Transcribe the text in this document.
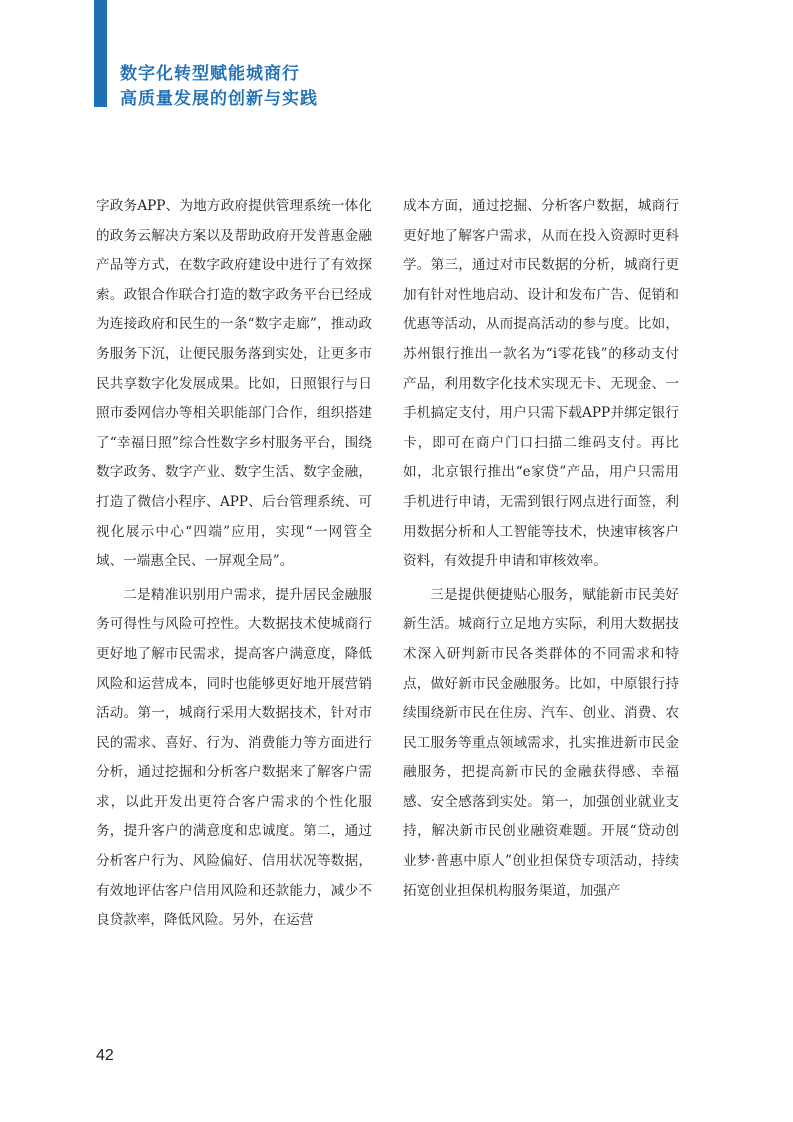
数字化转型赋能城商行
高质量发展的创新与实践

字政务APP、为地方政府提供管理系统一体化的政务云解决方案以及帮助政府开发普惠金融产品等方式，在数字政府建设中进行了有效探索。政银合作联合打造的数字政务平台已经成为连接政府和民生的一条“数字走廊”，推动政务服务下沉，让便民服务落到实处，让更多市民共享数字化发展成果。比如，日照银行与日照市委网信办等相关职能部门合作，组织搭建了“幸福日照”综合性数字乡村服务平台，围绕数字政务、数字产业、数字生活、数字金融，打造了微信小程序、APP、后台管理系统、可视化展示中心“四端”应用，实现“一网管全域、一端惠全民、一屏观全局”。

二是精准识别用户需求，提升居民金融服务可得性与风险可控性。大数据技术使城商行更好地了解市民需求，提高客户满意度，降低风险和运营成本，同时也能够更好地开展营销活动。第一，城商行采用大数据技术，针对市民的需求、喜好、行为、消费能力等方面进行分析，通过挖掘和分析客户数据来了解客户需求，以此开发出更符合客户需求的个性化服务，提升客户的满意度和忠诚度。第二，通过分析客户行为、风险偏好、信用状况等数据，有效地评估客户信用风险和还款能力，减少不良贷款率，降低风险。另外，在运营

成本方面，通过挖掘、分析客户数据，城商行更好地了解客户需求，从而在投入资源时更科学。第三，通过对市民数据的分析，城商行更加有针对性地启动、设计和发布广告、促销和优惠等活动，从而提高活动的参与度。比如，苏州银行推出一款名为“i零花钱”的移动支付产品，利用数字化技术实现无卡、无现金、一手机搞定支付，用户只需下载APP并绑定银行卡，即可在商户门口扫描二维码支付。再比如，北京银行推出“e家贷”产品，用户只需用手机进行申请，无需到银行网点进行面签，利用数据分析和人工智能等技术，快速审核客户资料，有效提升申请和审核效率。

三是提供便捷贴心服务，赋能新市民美好新生活。城商行立足地方实际，利用大数据技术深入研判新市民各类群体的不同需求和特点，做好新市民金融服务。比如，中原银行持续围绕新市民在住房、汽车、创业、消费、农民工服务等重点领域需求，扎实推进新市民金融服务，把提高新市民的金融获得感、幸福感、安全感落到实处。第一，加强创业就业支持，解决新市民创业融资难题。开展“贷动创业梦·普惠中原人”创业担保贷专项活动，持续拓宽创业担保机构服务渠道，加强产

42
